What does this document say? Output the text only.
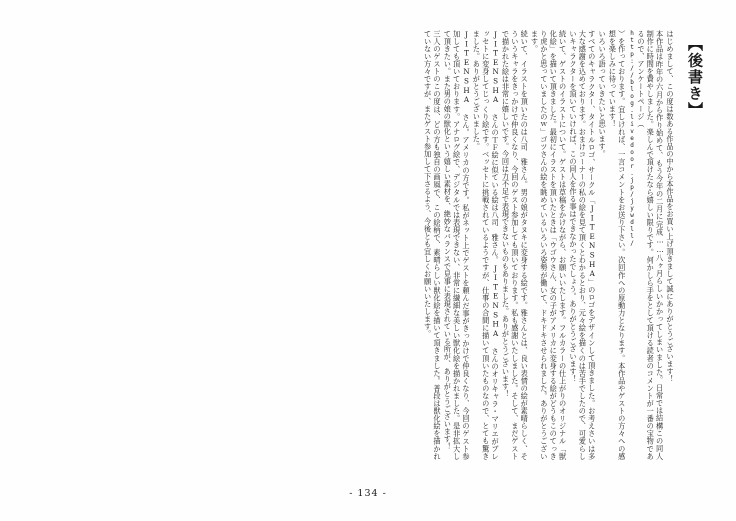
【後書き】
はじめまして、この度は数ある作品の中から本作品をお買い上げ頂きまして誠にありがとうございます！
本作品は昨年の六月から作り始めて、もう今年の二月に完成……八ヶ月らしいかかってしまいました。日常では結構この同人制作に時間を費やしました。楽しんで頂けたなら嬉しい限りです。何かしら手をとして頂ける読者のコメントが一番の宝物であるので、アンケートページ（
http://blog.livedoor.jp/jywdll/
）を作っております。宜しければ、一言コメントをお送り下さい。次回作への原動力となります。本作品やゲストの方々への感想を楽しみに待っています！
いろいろ語っていきたいと思います。
すべてのキャラクター、タイトルロゴ、サークル「JITENSHA」のロゴをデザインして頂きました。お考えさいは多大な感謝を込めております。おまけコーナーの私の絵を見て頂くとわかるとおり、元々絵を描くのは苦手でしたので、可愛らしいキャラクターを頂いていければ、この同人を作る事はできなかったでしょう。ありがとうございます！
続いて、ゲストのイラストについて。ゲストは草稿をかけながら、お願いいたします。フルカラーの仕上がりのオリジナル「獣化絵」を描いて頂きました。最初にイラストを頂いたときは「ウゴウさん、女の子がアメリカに変身する絵がどうもこのてっきり虎かと思っていましたのｗ」ゴツさんの絵を眺めているいろいろ姿勢が働いて、ドキドキさせられました。ありがとうございます。
続いて、イラストを頂いたのは八司　雅さん。男の娘がタヌキに変身する絵です。雅さんとは、良い表情の絵が素晴らしく、そういうキャラをきっかけで仲良くなり、今回のゲスト参加しても頂いております。私も感謝いたしました。そして、まだゲストで描かれた絵は非常に嬉しいです。今回は力不足で表現できないものもありました。ありがとうございます！
JITENSHA さんのＴＦ絵に似ている絵は八司　雅さん。JITENSHA さんのオリキャラ・マリエがブレッセトに変身してじっくり絵です。ベッセトに挑戦されているようですが、仕事の合間に描いて頂いたものなので、とても驚きました。ありがとうございました。
JITENSHA さん。アメリカの方です。私がネット上でゲストを頼んだ事がきっかけで仲良くなり、今回のゲスト参加しても頂いております。アナログ絵で、デジタルでは表現できない、非常に繊細な美しい獣化絵を描かれました。是非拡大して頂きたい。また男の娘の獣化という嬉しい素材を、絶妙なバランスで見事に表現されている所が、ありがとうございます！
三人のゲストのこの度は、どの方も独自の画風で、この絵柄で、素晴らしい獣化絵を描いて頂きました。普段は獣化絵を描かれていない方々ですが、またゲスト参加して下さるよう、今後とも宜しくお願いいたします。
- 134 -
